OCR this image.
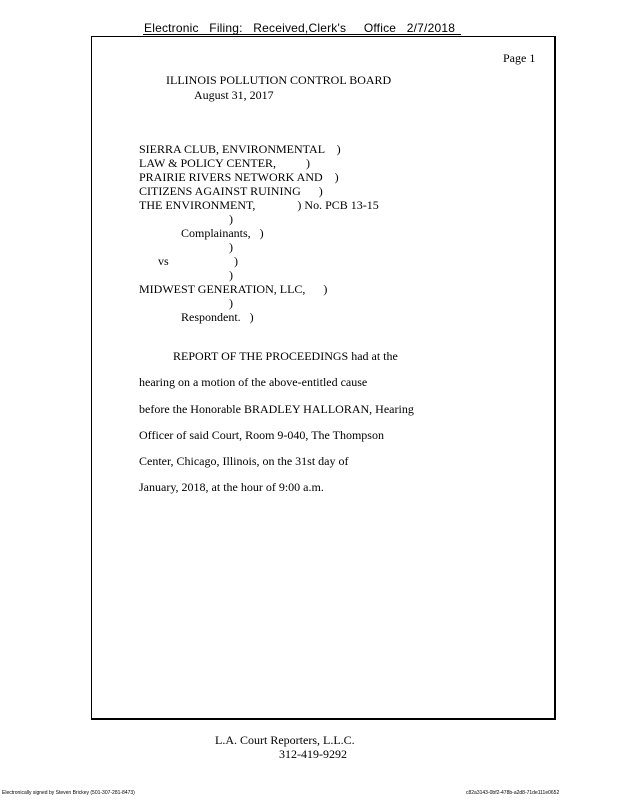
Electronic   Filing:   Received,Clerk's     Office   2/7/2018
Page 1
ILLINOIS POLLUTION CONTROL BOARD
August 31, 2017
SIERRA CLUB, ENVIRONMENTAL    )
LAW & POLICY CENTER,          )
PRAIRIE RIVERS NETWORK AND    )
CITIZENS AGAINST RUINING      )
THE ENVIRONMENT,              ) No. PCB 13-15
)
Complainants,   )
)
vs	)
)
MIDWEST GENERATION, LLC,      )
)
Respondent.   )
REPORT OF THE PROCEEDINGS had at the
hearing on a motion of the above-entitled cause
before the Honorable BRADLEY HALLORAN, Hearing
Officer of said Court, Room 9-040, The Thompson
Center, Chicago, Illinois, on the 31st day of
January, 2018, at the hour of 9:00 a.m.
L.A. Court Reporters, L.L.C.
312-419-9292
Electronically signed by Steven Brickey (501-307-281-8473)	c82a3143-0bf2-478b-a2d8-71de111e0652
